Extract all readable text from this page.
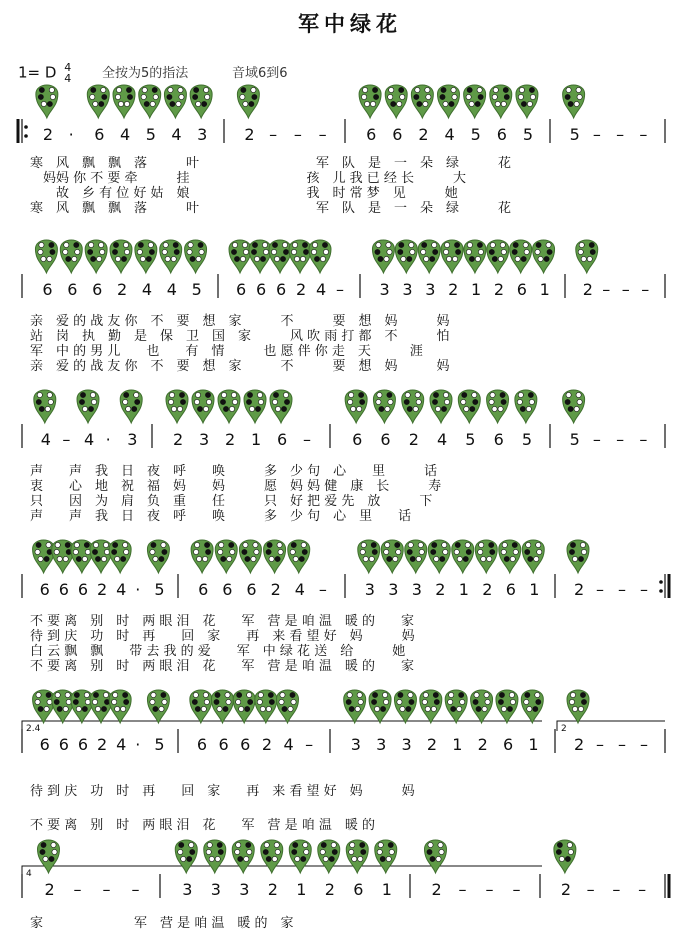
军中绿花
1= D 4
4 全按为5的指法	音域6到6
2 · 6 4 5 4 3 2 – – – 6 6 2 4 5 6 5 5 – – –
6 6 6 2 4 4 5 6 6 6 2 4 – 3 3 3 2 1 2 6 1 2 – – –
4 – 4 · 3 2 3 2 1 6 –	6 6 2 4 5 6 5 5 – – –
6 6 6 2 4 · 5 6 6 6 2 4 – 3 3 3 2 1 2 6 1 2 – – –
2.4	2
6 6 6 2 4 · 5 6 6 6 2 4 – 3 3 3 2 1 2 6 1 2 – – –
4
2 – – –	3 3 3 2 1 2 6 1 2 – – –	2 – – –
寒　风　飘　飘　落　　　叶　　　　　　　　　军　队　是　一　朵　绿　　　花
　妈妈 你 不 要 牵　　　挂　　　　　　　　　孩　儿 我 已 经 长　　　大
　　故　乡 有 位 好 姑　娘　　　　　　　　　我　时 常 梦　见　　　她
寒　风　飘　飘　落　　　叶　　　　　　　　　军　队　是　一　朵　绿　　　花
亲　爱 的 战 友 你　不　要　想　家　　　不　　　要　想　妈　　　妈
站　岗　执　勤　是　保　卫　国　家　　　风 吹 雨 打 都　不　　　怕
军　中 的 男 儿　　也　　有　情　　　也 愿 伴 你 走　天　　　涯
亲　爱 的 战 友 你　不　要　想　家　　　不　　　要　想　妈　　　妈
声　　声　我　日　夜　呼　　唤　　　多　少 句　心　　里　　　话
衷　　心　地　祝　福　妈　　妈　　　愿　妈 妈 健　康　长　　　寿
只　　因　为　肩　负　重　　任　　　只　好 把 爱 先　放　　　下
声　　声　我　日　夜　呼　　唤　　　多　少 句　心　里　　话
不 要 离　别　时　两 眼 泪　花　　军　营 是 咱 温　暖 的　　家
待 到 庆　功　时　再　　回　家　　再　来 看 望 好　妈　　　妈
白 云 飘　飘　　带 去 我 的 爱　　军　中 绿 花 送　给　　　她
不 要 离　别　时　两 眼 泪　花　　军　营 是 咱 温　暖 的　　家
待 到 庆　功　时　再　　回　家　　再　来 看 望 好　妈　　　妈
不 要 离　别　时　两 眼 泪　花　　军　营 是 咱 温　暖 的
家　　　　　　　军　营 是 咱 温　暖 的　家
